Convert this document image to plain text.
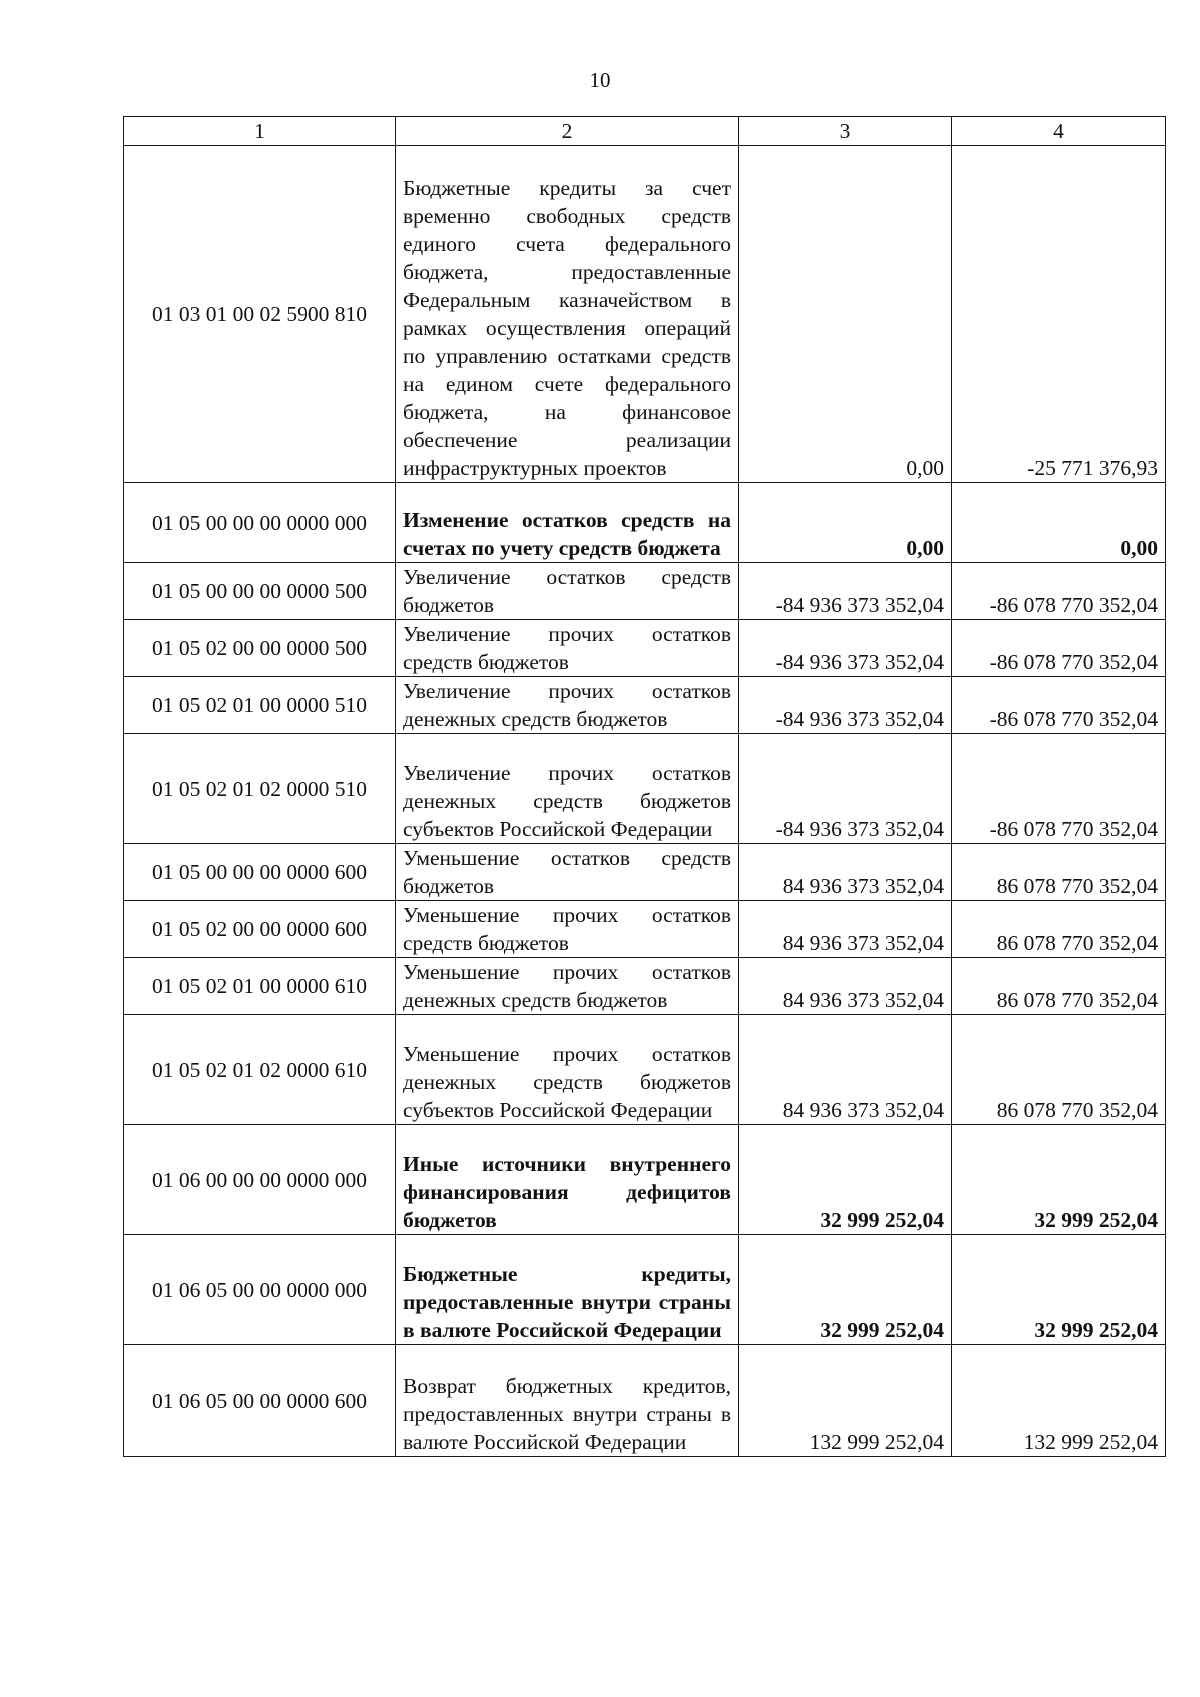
10
1	2	3	4
01 03 01 00 02 5900 810	Бюджетные кредиты за счет временно свободных средств единого счета федерального бюджета, предоставленные Федеральным казначейством в рамках осуществления операций по управлению остатками средств на едином счете федерального бюджета, на финансовое обеспечение реализации инфраструктурных проектов	0,00	-25 771 376,93
01 05 00 00 00 0000 000	Изменение остатков средств на счетах по учету средств бюджета	0,00	0,00
01 05 00 00 00 0000 500	Увеличение остатков средств бюджетов	-84 936 373 352,04	-86 078 770 352,04
01 05 02 00 00 0000 500	Увеличение прочих остатков средств бюджетов	-84 936 373 352,04	-86 078 770 352,04
01 05 02 01 00 0000 510	Увеличение прочих остатков денежных средств бюджетов	-84 936 373 352,04	-86 078 770 352,04
01 05 02 01 02 0000 510	Увеличение прочих остатков денежных средств бюджетов субъектов Российской Федерации	-84 936 373 352,04	-86 078 770 352,04
01 05 00 00 00 0000 600	Уменьшение остатков средств бюджетов	84 936 373 352,04	86 078 770 352,04
01 05 02 00 00 0000 600	Уменьшение прочих остатков средств бюджетов	84 936 373 352,04	86 078 770 352,04
01 05 02 01 00 0000 610	Уменьшение прочих остатков денежных средств бюджетов	84 936 373 352,04	86 078 770 352,04
01 05 02 01 02 0000 610	Уменьшение прочих остатков денежных средств бюджетов субъектов Российской Федерации	84 936 373 352,04	86 078 770 352,04
01 06 00 00 00 0000 000	Иные источники внутреннего финансирования дефицитов бюджетов	32 999 252,04	32 999 252,04
01 06 05 00 00 0000 000	Бюджетные кредиты, предоставленные внутри страны в валюте Российской Федерации	32 999 252,04	32 999 252,04
01 06 05 00 00 0000 600	Возврат бюджетных кредитов, предоставленных внутри страны в валюте Российской Федерации	132 999 252,04	132 999 252,04
